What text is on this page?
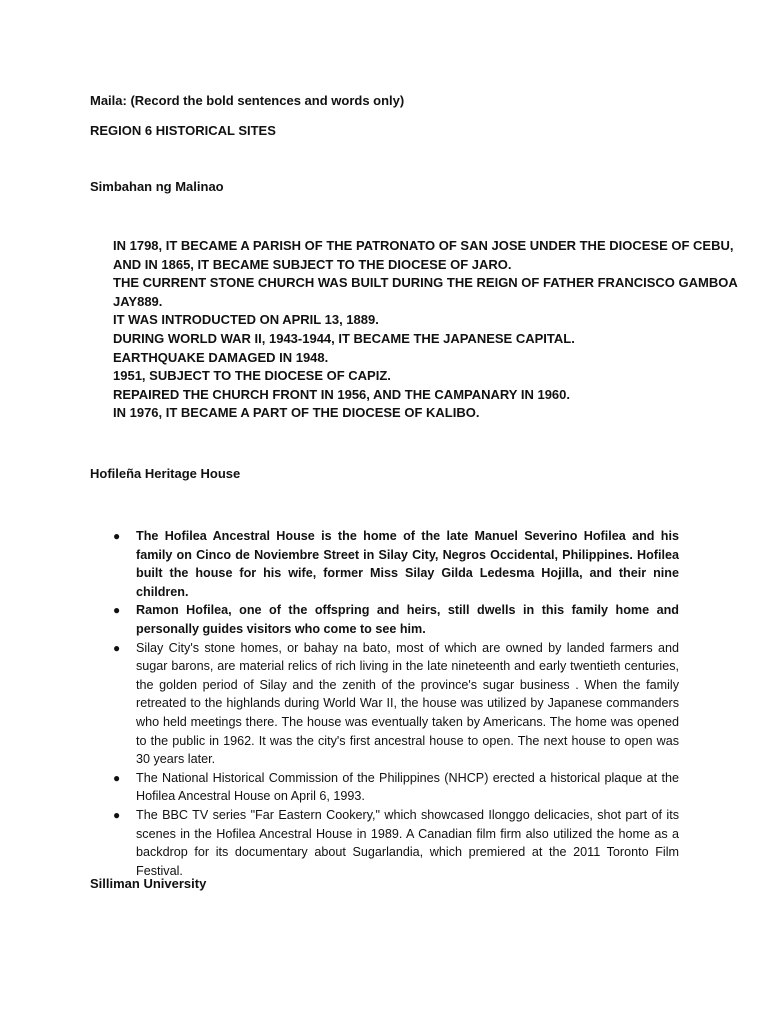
Maila: (Record the bold sentences and words only)
REGION 6 HISTORICAL SITES
Simbahan ng Malinao
IN 1798, IT BECAME A PARISH OF THE PATRONATO OF SAN JOSE UNDER THE DIOCESE OF CEBU,
AND IN 1865, IT BECAME SUBJECT TO THE DIOCESE OF JARO.
THE CURRENT STONE CHURCH WAS BUILT DURING THE REIGN OF FATHER FRANCISCO GAMBOA
JAY889.
IT WAS INTRODUCTED ON APRIL 13, 1889.
DURING WORLD WAR II, 1943-1944, IT BECAME THE JAPANESE CAPITAL.
EARTHQUAKE DAMAGED IN 1948.
1951, SUBJECT TO THE DIOCESE OF CAPIZ.
REPAIRED THE CHURCH FRONT IN 1956, AND THE CAMPANARY IN 1960.
IN 1976, IT BECAME A PART OF THE DIOCESE OF KALIBO.
Hofileña Heritage House
● The Hofilea Ancestral House is the home of the late Manuel Severino Hofilea and his family on Cinco de Noviembre Street in Silay City, Negros Occidental, Philippines. Hofilea built the house for his wife, former Miss Silay Gilda Ledesma Hojilla, and their nine children.
● Ramon Hofilea, one of the offspring and heirs, still dwells in this family home and personally guides visitors who come to see him.
● Silay City's stone homes, or bahay na bato, most of which are owned by landed farmers and sugar barons, are material relics of rich living in the late nineteenth and early twentieth centuries, the golden period of Silay and the zenith of the province's sugar business . When the family retreated to the highlands during World War II, the house was utilized by Japanese commanders who held meetings there. The house was eventually taken by Americans. The home was opened to the public in 1962. It was the city's first ancestral house to open. The next house to open was 30 years later.
● The National Historical Commission of the Philippines (NHCP) erected a historical plaque at the Hofilea Ancestral House on April 6, 1993.
● The BBC TV series "Far Eastern Cookery," which showcased Ilonggo delicacies, shot part of its scenes in the Hofilea Ancestral House in 1989. A Canadian film firm also utilized the home as a backdrop for its documentary about Sugarlandia, which premiered at the 2011 Toronto Film Festival.
Silliman University
